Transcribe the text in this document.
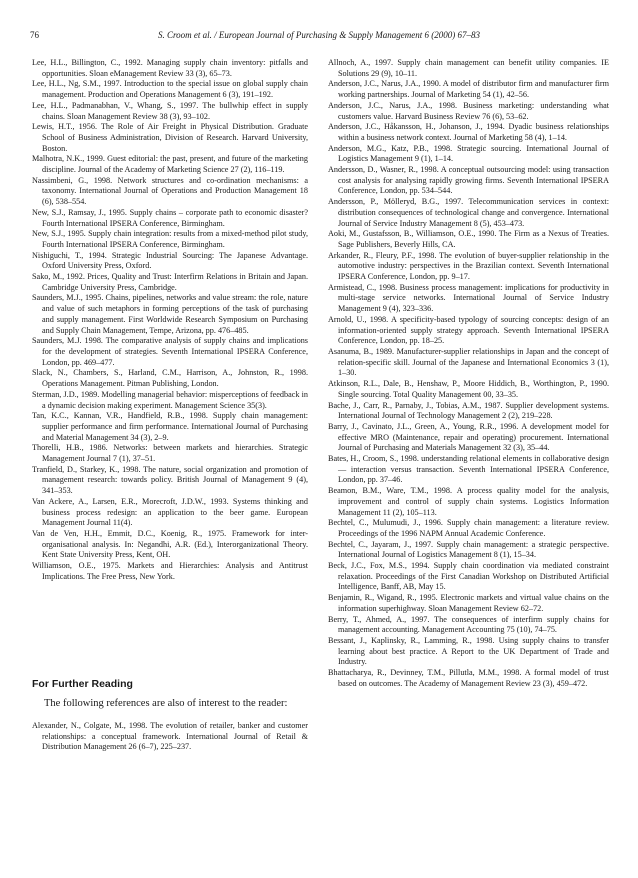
76	S. Croom et al. / European Journal of Purchasing & Supply Management 6 (2000) 67–83

Lee, H.L., Billington, C., 1992. Managing supply chain inventory: pitfalls and opportunities. Sloan eManagement Review 33 (3), 65–73.

Lee, H.L., Ng, S.M., 1997. Introduction to the special issue on global supply chain management. Production and Operations Management 6 (3), 191–192.

Lee, H.L., Padmanabhan, V., Whang, S., 1997. The bullwhip effect in supply chains. Sloan Management Review 38 (3), 93–102.

Lewis, H.T., 1956. The Role of Air Freight in Physical Distribution. Graduate School of Business Administration, Division of Research. Harvard University, Boston.

Malhotra, N.K., 1999. Guest editorial: the past, present, and future of the marketing discipline. Journal of the Academy of Marketing Science 27 (2), 116–119.

Nassimbeni, G., 1998. Network structures and co-ordination mechanisms: a taxonomy. International Journal of Operations and Production Management 18 (6), 538–554.

New, S.J., Ramsay, J., 1995. Supply chains – corporate path to economic disaster? Fourth International IPSERA Conference, Birmingham.

New, S.J., 1995. Supply chain integration: results from a mixed-method pilot study, Fourth International IPSERA Conference, Birmingham.

Nishiguchi, T., 1994. Strategic Industrial Sourcing: The Japanese Advantage. Oxford University Press, Oxford.

Sako, M., 1992. Prices, Quality and Trust: Interfirm Relations in Britain and Japan. Cambridge University Press, Cambridge.

Saunders, M.J., 1995. Chains, pipelines, networks and value stream: the role, nature and value of such metaphors in forming perceptions of the task of purchasing and supply management. First Worldwide Research Symposium on Purchasing and Supply Chain Management, Tempe, Arizona, pp. 476–485.

Saunders, M.J. 1998. The comparative analysis of supply chains and implications for the development of strategies. Seventh International IPSERA Conference, London, pp. 469–477.

Slack, N., Chambers, S., Harland, C.M., Harrison, A., Johnston, R., 1998. Operations Management. Pitman Publishing, London.

Sterman, J.D., 1989. Modelling managerial behavior: misperceptions of feedback in a dynamic decision making experiment. Management Science 35(3).

Tan, K.C., Kannan, V.R., Handfield, R.B., 1998. Supply chain management: supplier performance and firm performance. International Journal of Purchasing and Material Management 34 (3), 2–9.

Thorelli, H.B., 1986. Networks: between markets and hierarchies. Strategic Management Journal 7 (1), 37–51.

Tranfield, D., Starkey, K., 1998. The nature, social organization and promotion of management research: towards policy. British Journal of Management 9 (4), 341–353.

Van Ackere, A., Larsen, E.R., Morecroft, J.D.W., 1993. Systems thinking and business process redesign: an application to the beer game. European Management Journal 11(4).

Van de Ven, H.H., Emmit, D.C., Koenig, R., 1975. Framework for inter-organisational analysis. In: Negandhi, A.R. (Ed.), Interorganizational Theory. Kent State University Press, Kent, OH.

Williamson, O.E., 1975. Markets and Hierarchies: Analysis and Antitrust Implications. The Free Press, New York.

For Further Reading

The following references are also of interest to the reader:

Alexander, N., Colgate, M., 1998. The evolution of retailer, banker and customer relationships: a conceptual framework. International Journal of Retail & Distribution Management 26 (6–7), 225–237.

Allnoch, A., 1997. Supply chain management can benefit utility companies. IE Solutions 29 (9), 10–11.

Anderson, J.C., Narus, J.A., 1990. A model of distributor firm and manufacturer firm working partnerships. Journal of Marketing 54 (1), 42–56.

Anderson, J.C., Narus, J.A., 1998. Business marketing: understanding what customers value. Harvard Business Review 76 (6), 53–62.

Anderson, J.C., Håkansson, H., Johanson, J., 1994. Dyadic business relationships within a business network context. Journal of Marketing 58 (4), 1–14.

Anderson, M.G., Katz, P.B., 1998. Strategic sourcing. International Journal of Logistics Management 9 (1), 1–14.

Andersson, D., Wasner, R., 1998. A conceptual outsourcing model: using transaction cost analysis for analysing rapidly growing firms. Seventh International IPSERA Conference, London, pp. 534–544.

Andersson, P., Mölleryd, B.G., 1997. Telecommunication services in context: distribution consequences of technological change and convergence. International Journal of Service Industry Management 8 (5), 453–473.

Aoki, M., Gustafsson, B., Williamson, O.E., 1990. The Firm as a Nexus of Treaties. Sage Publishers, Beverly Hills, CA.

Arkander, R., Fleury, P.F., 1998. The evolution of buyer-supplier relationship in the automotive industry: perspectives in the Brazilian context. Seventh International IPSERA Conference, London, pp. 9–17.

Armistead, C., 1998. Business process management: implications for productivity in multi-stage service networks. International Journal of Service Industry Management 9 (4), 323–336.

Arnold, U., 1998. A specificity-based typology of sourcing concepts: design of an information-oriented supply strategy approach. Seventh International IPSERA Conference, London, pp. 18–25.

Asanuma, B., 1989. Manufacturer-supplier relationships in Japan and the concept of relation-specific skill. Journal of the Japanese and International Economics 3 (1), 1–30.

Atkinson, R.L., Dale, B., Henshaw, P., Moore Hiddich, B., Worthington, P., 1990. Single sourcing. Total Quality Management 00, 33–35.

Bache, J., Carr, R., Parnaby, J., Tobias, A.M., 1987. Supplier development systems. International Journal of Technology Management 2 (2), 219–228.

Barry, J., Cavinato, J.L., Green, A., Young, R.R., 1996. A development model for effective MRO (Maintenance, repair and operating) procurement. International Journal of Purchasing and Materials Management 32 (3), 35–44.

Bates, H., Croom, S., 1998. understanding relational elements in collaborative design — interaction versus transaction. Seventh International IPSERA Conference, London, pp. 37–46.

Beamon, B.M., Ware, T.M., 1998. A process quality model for the analysis, improvement and control of supply chain systems. Logistics Information Management 11 (2), 105–113.

Bechtel, C., Mulumudi, J., 1996. Supply chain management: a literature review. Proceedings of the 1996 NAPM Annual Academic Conference.

Bechtel, C., Jayaram, J., 1997. Supply chain management: a strategic perspective. International Journal of Logistics Management 8 (1), 15–34.

Beck, J.C., Fox, M.S., 1994. Supply chain coordination via mediated constraint relaxation. Proceedings of the First Canadian Workshop on Distributed Artificial Intelligence, Banff, AB, May 15.

Benjamin, R., Wigand, R., 1995. Electronic markets and virtual value chains on the information superhighway. Sloan Management Review 62–72.

Berry, T., Ahmed, A., 1997. The consequences of interfirm supply chains for management accounting. Management Accounting 75 (10), 74–75.

Bessant, J., Kaplinsky, R., Lamming, R., 1998. Using supply chains to transfer learning about best practice. A Report to the UK Department of Trade and Industry.

Bhattacharya, R., Devinney, T.M., Pillutla, M.M., 1998. A formal model of trust based on outcomes. The Academy of Management Review 23 (3), 459–472.
